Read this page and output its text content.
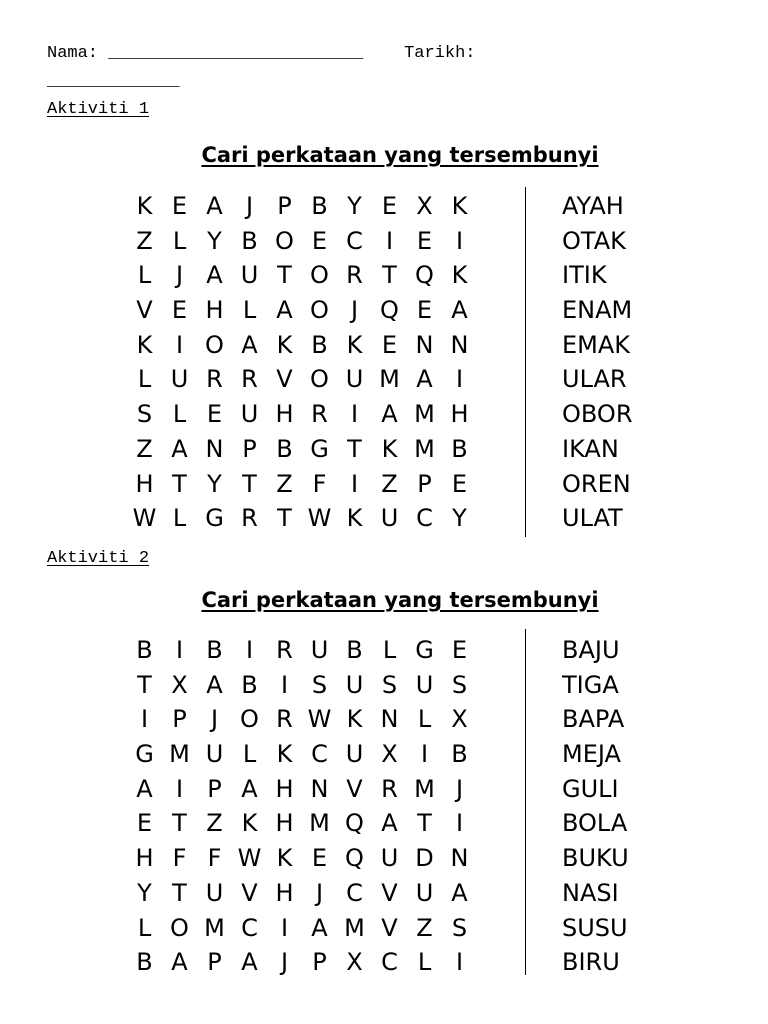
Nama: _________________________ Tarikh:
_____________
Aktiviti 1
Cari perkataan yang tersembunyi
K E A J	P B Y E X K
Z L Y B O E C I E I
L	J A U T O R T Q K
V E H L A O J Q E A
K I O A K B K E N N
L U R R V O U M A I
S L E U H R I A M H
Z A N P B G T K M B
H T Y T Z F	I Z P E
W L G R T W K U C Y
AYAH
OTAK
ITIK
ENAM
EMAK
ULAR
OBOR
IKAN
OREN
ULAT
Aktiviti 2
Cari perkataan yang tersembunyi
B I B I R U B L G E
T X A B I S U S U S
I	P	J O R W K N L X
G M U L K C U X I B
A I	P A H N V R M J
E T Z K H M Q A T	I
H F F W K E Q U D N
Y T U V H J C V U A
L O M C I A M V Z S
B A P A J	P X C L	I
BAJU
TIGA
BAPA
MEJA
GULI
BOLA
BUKU
NASI
SUSU
BIRU
